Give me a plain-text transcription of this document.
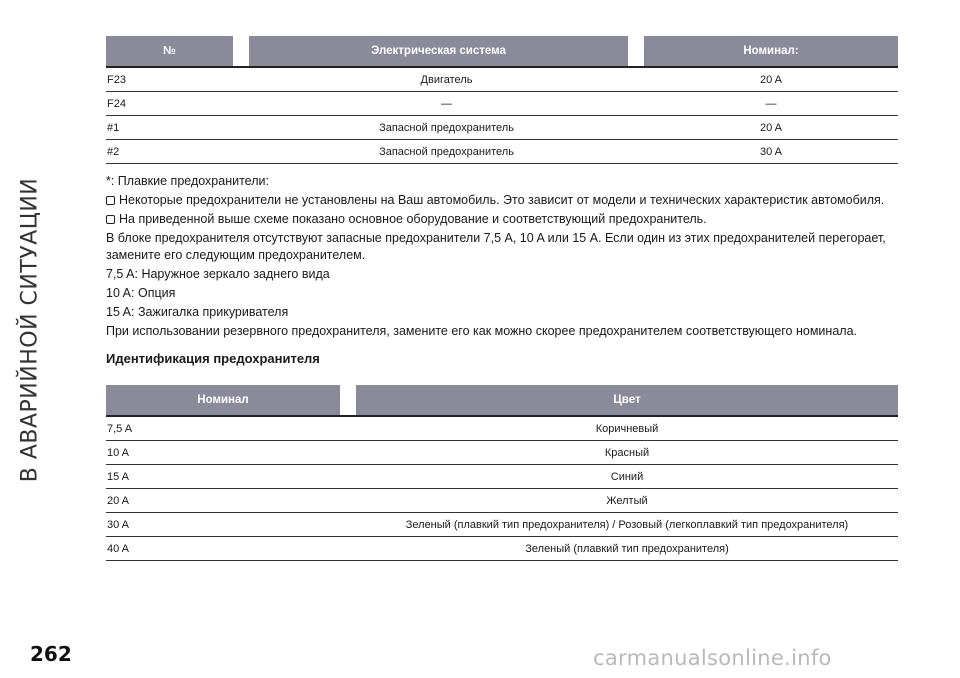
В АВАРИЙНОЙ СИТУАЦИИ
№		Электрическая система		Номинал:
F23		Двигатель		20 A
F24		—		—
#1		Запасной предохранитель		20 A
#2		Запасной предохранитель		30 A

*: Плавкие предохранители:

Некоторые предохранители не установлены на Ваш автомобиль. Это зависит от модели и технических характеристик автомобиля.

На приведенной выше схеме показано основное оборудование и соответствующий предохранитель.

В блоке предохранителя отсутствуют запасные предохранители 7,5 A, 10 A или 15 A. Если один из этих предохранителей перегорает, замените его следующим предохранителем.

7,5 A: Наружное зеркало заднего вида

10 A: Опция

15 A: Зажигалка прикуривателя

При использовании резервного предохранителя, замените его как можно скорее предохранителем соответствующего номинала.

Идентификация предохранителя
Номинал		Цвет
7,5 A		Коричневый
10 A		Красный
15 A		Синий
20 A		Желтый
30 A		Зеленый (плавкий тип предохранителя) / Розовый (легкоплавкий тип предохранителя)
40 A		Зеленый (плавкий тип предохранителя)
262	carmanualsonline.info
